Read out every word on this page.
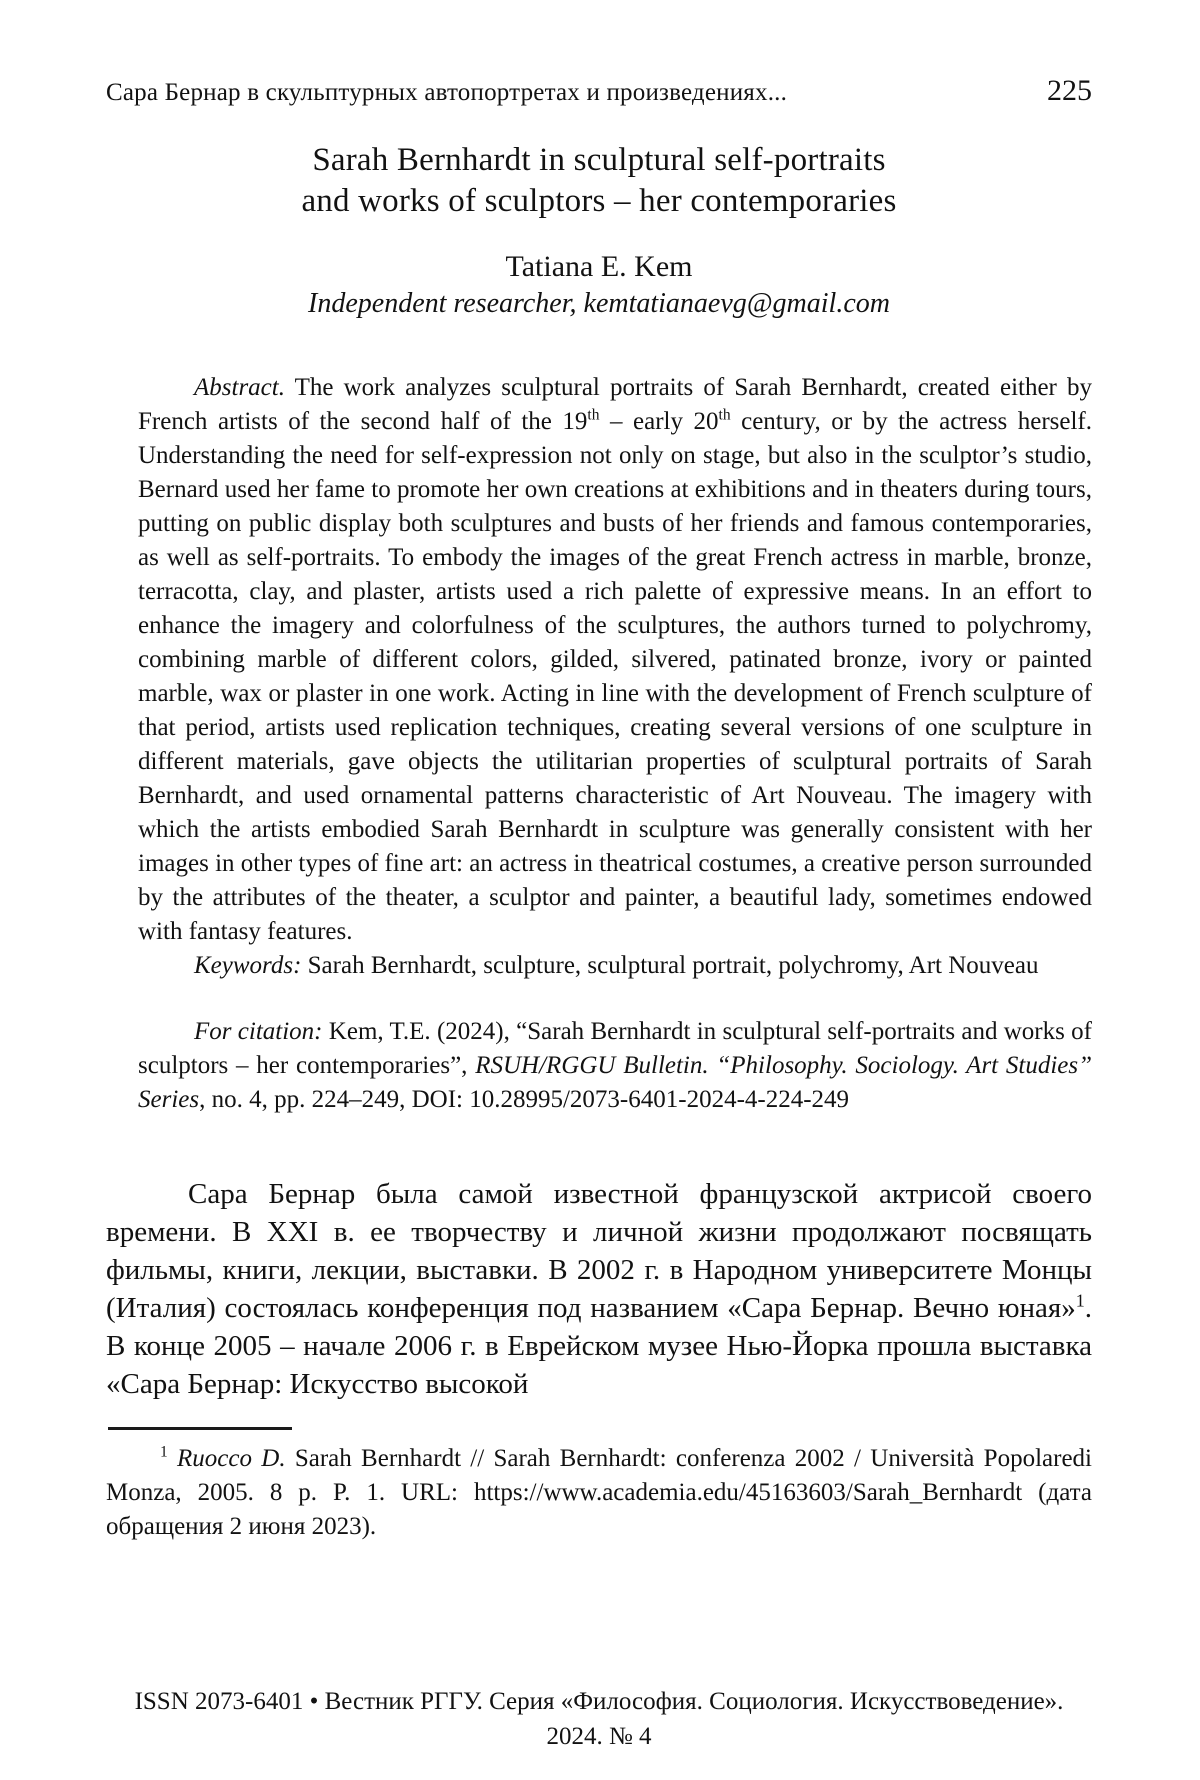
Сара Бернар в скульптурных автопортретах и произведениях...	225
Sarah Bernhardt in sculptural self-portraits
and works of sculptors – her contemporaries
Tatiana E. Kem
Independent researcher, kemtatianaevg@gmail.com

Abstract. The work analyzes sculptural portraits of Sarah Bernhardt, created either by French artists of the second half of the 19th – early 20th century, or by the actress herself. Understanding the need for self-expression not only on stage, but also in the sculptor’s studio, Bernard used her fame to promote her own creations at exhibitions and in theaters during tours, putting on public display both sculptures and busts of her friends and famous contemporaries, as well as self-portraits. To embody the images of the great French actress in marble, bronze, terracotta, clay, and plaster, artists used a rich palette of expressive means. In an effort to enhance the imagery and colorfulness of the sculptures, the authors turned to polychromy, combining marble of different colors, gilded, silvered, patinated bronze, ivory or painted marble, wax or plaster in one work. Acting in line with the development of French sculpture of that period, artists used replication techniques, creating several versions of one sculpture in different materials, gave objects the utilitarian properties of sculptural portraits of Sarah Bernhardt, and used ornamental patterns characteristic of Art Nouveau. The imagery with which the artists embodied Sarah Bernhardt in sculpture was generally consistent with her images in other types of fine art: an actress in theatrical costumes, a creative person surrounded by the attributes of the theater, a sculptor and painter, a beautiful lady, sometimes endowed with fantasy features.

Keywords: Sarah Bernhardt, sculpture, sculptural portrait, polychromy, Art Nouveau

For citation: Kem, T.E. (2024), “Sarah Bernhardt in sculptural self-portraits and works of sculptors – her contemporaries”, RSUH/RGGU Bulletin. “Philosophy. Sociology. Art Studies” Series, no. 4, pp. 224–249, DOI: 10.28995/2073-6401-2024-4-224-249

Сара Бернар была самой известной французской актрисой своего времени. В XXI в. ее творчеству и личной жизни продолжают посвящать фильмы, книги, лекции, выставки. В 2002 г. в Народном университете Монцы (Италия) состоялась конференция под названием «Сара Бернар. Вечно юная»$^1$. В конце 2005 – начале 2006 г. в Еврейском музее Нью-Йорка прошла выставка «Сара Бернар: Искусство высокой

$^1$ Ruocco D. Sarah Bernhardt // Sarah Bernhardt: conferenza 2002 / Università Popolaredi Monza, 2005. 8 p. P. 1. URL: https://www.academia.edu/45163603/Sarah_Bernhardt (дата обращения 2 июня 2023).

ISSN 2073-6401 • Вестник РГГУ. Серия «Философия. Социология. Искусствоведение».
2024. № 4
